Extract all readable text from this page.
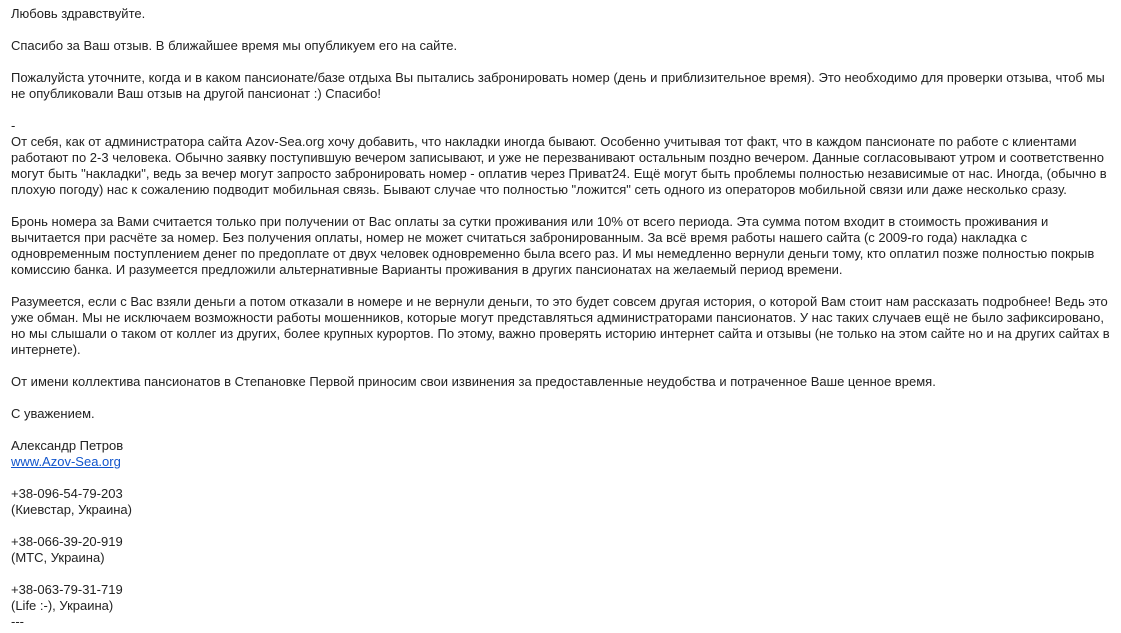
Любовь здравствуйте.

Спасибо за Ваш отзыв. В ближайшее время мы опубликуем его на сайте.

Пожалуйста уточните, когда и в каком пансионате/базе отдыха Вы пытались забронировать номер (день и приблизительное время). Это необходимо для проверки отзыва, чтоб мы не опубликовали Ваш отзыв на другой пансионат :) Спасибо!

-

От себя, как от администратора сайта Azov-Sea.org хочу добавить, что накладки иногда бывают. Особенно учитывая тот факт, что в каждом пансионате по работе с клиентами работают по 2-3 человека. Обычно заявку поступившую вечером записывают, и уже не перезванивают остальным поздно вечером. Данные согласовывают утром и соответственно могут быть "накладки", ведь за вечер могут запросто забронировать номер - оплатив через Приват24. Ещё могут быть проблемы полностью независимые от нас. Иногда, (обычно в плохую погоду) нас к сожалению подводит мобильная связь. Бывают случае что полностью "ложится" сеть одного из операторов мобильной связи или даже несколько сразу.

Бронь номера за Вами считается только при получении от Вас оплаты за сутки проживания или 10% от всего периода. Эта сумма потом входит в стоимость проживания и вычитается при расчёте за номер. Без получения оплаты, номер не может считаться забронированным. За всё время работы нашего сайта (с 2009-го года) накладка с одновременным поступлением денег по предоплате от двух человек одновременно была всего раз. И мы немедленно вернули деньги тому, кто оплатил позже полностью покрыв комиссию банка. И разумеется предложили альтернативные Варианты проживания в других пансионатах на желаемый период времени.

Разумеется, если с Вас взяли деньги а потом отказали в номере и не вернули деньги, то это будет совсем другая история, о которой Вам стоит нам рассказать подробнее! Ведь это уже обман. Мы не исключаем возможности работы мошенников, которые могут представляться администраторами пансионатов. У нас таких случаев ещё не было зафиксировано, но мы слышали о таком от коллег из других, более крупных курортов. По этому, важно проверять историю интернет сайта и отзывы (не только на этом сайте но и на других сайтах в интернете).

От имени коллектива пансионатов в Степановке Первой приносим свои извинения за предоставленные неудобства и потраченное Ваше ценное время.

С уважением.

Александр Петров
www.Azov-Sea.org
+38-096-54-79-203
(Киевстар, Украина)
+38-066-39-20-919
(МТС, Украина)
+38-063-79-31-719
(Life :-), Украина)
---
